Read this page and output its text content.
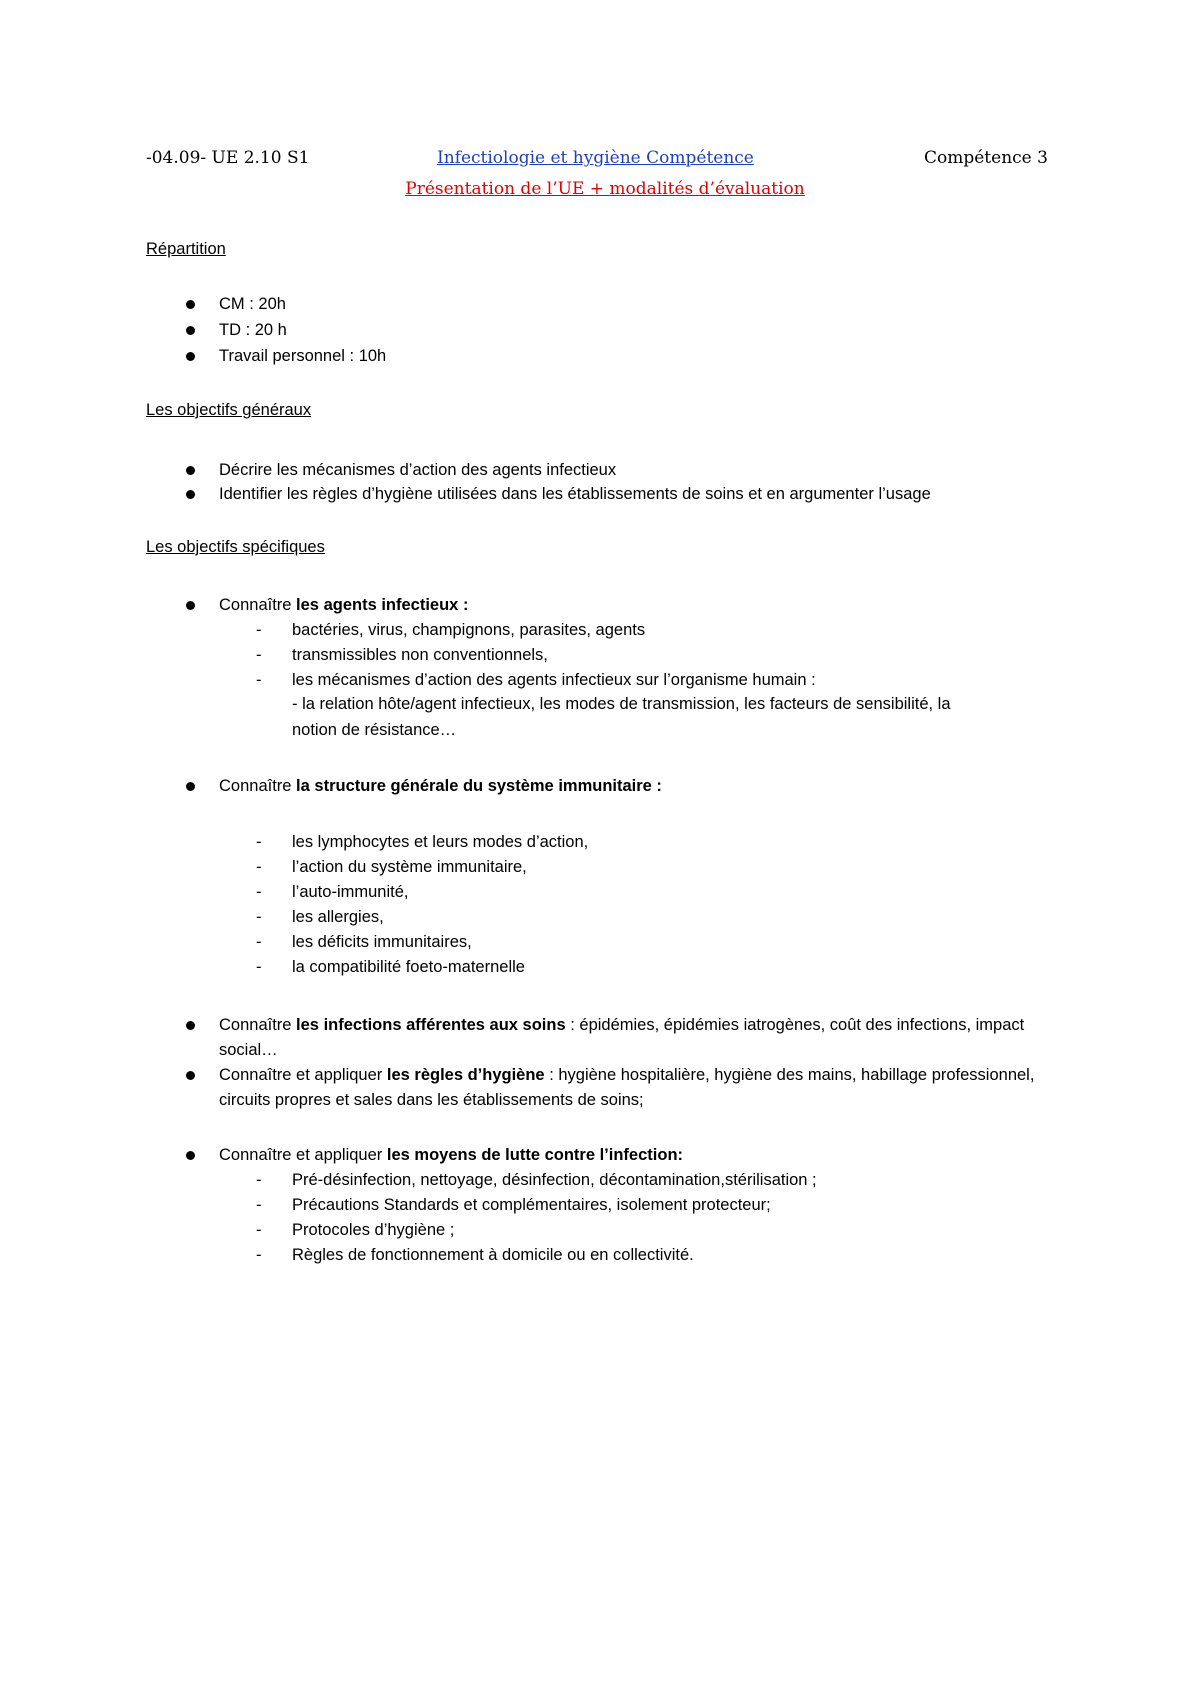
-04.09- UE 2.10 S1	Infectiologie et hygiène Compétence	Compétence 3
Présentation de l’UE + modalités d’évaluation
Répartition
CM : 20h
TD : 20 h
Travail personnel : 10h
Les objectifs généraux
Décrire les mécanismes d’action des agents infectieux
Identifier les règles d’hygiène utilisées dans les établissements de soins et en argumenter l’usage
Les objectifs spécifiques
Connaître les agents infectieux :
- bactéries, virus, champignons, parasites, agents
- transmissibles non conventionnels,
- les mécanismes d’action des agents infectieux sur l’organisme humain :
- la relation hôte/agent infectieux, les modes de transmission, les facteurs de sensibilité, la
notion de résistance…
Connaître la structure générale du système immunitaire :
- les lymphocytes et leurs modes d’action,
- l’action du système immunitaire,
- l’auto-immunité,
- les allergies,
- les déficits immunitaires,
- la compatibilité foeto-maternelle
Connaître les infections afférentes aux soins : épidémies, épidémies iatrogènes, coût des infections, impact social…
Connaître et appliquer les règles d’hygiène : hygiène hospitalière, hygiène des mains, habillage professionnel, circuits propres et sales dans les établissements de soins;
Connaître et appliquer les moyens de lutte contre l’infection:
- Pré-désinfection, nettoyage, désinfection, décontamination,stérilisation ;
- Précautions Standards et complémentaires, isolement protecteur;
- Protocoles d’hygiène ;
- Règles de fonctionnement à domicile ou en collectivité.
